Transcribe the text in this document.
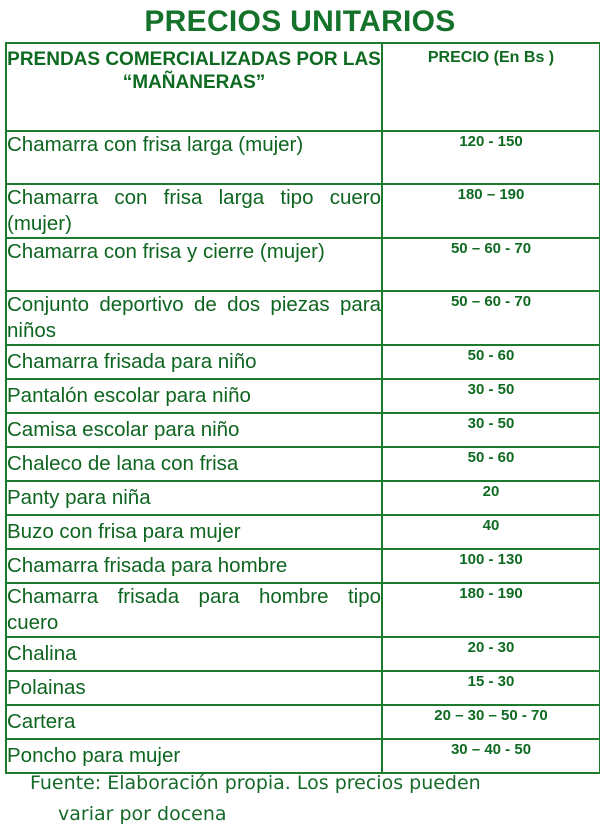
PRECIOS UNITARIOS
PRENDAS COMERCIALIZADAS POR LAS “MAÑANERAS”	PRECIO (En Bs )
Chamarra con frisa larga (mujer)	120 - 150
Chamarra con frisa larga tipo cuero (mujer)	180 – 190
Chamarra con frisa y cierre (mujer)	50 – 60 - 70
Conjunto deportivo de dos piezas para niños	50 – 60 - 70
Chamarra frisada para niño	50 - 60
Pantalón escolar para niño	30 - 50
Camisa escolar para niño	30 - 50
Chaleco de lana con frisa	50 - 60
Panty para niña	20
Buzo con frisa para mujer	40
Chamarra frisada para hombre	100 - 130
Chamarra frisada para hombre tipo cuero	180 - 190
Chalina	20 - 30
Polainas	15 - 30
Cartera	20 – 30 – 50 - 70
Poncho para mujer	30 – 40 - 50
Fuente: Elaboración propia. Los precios pueden
variar por docena
